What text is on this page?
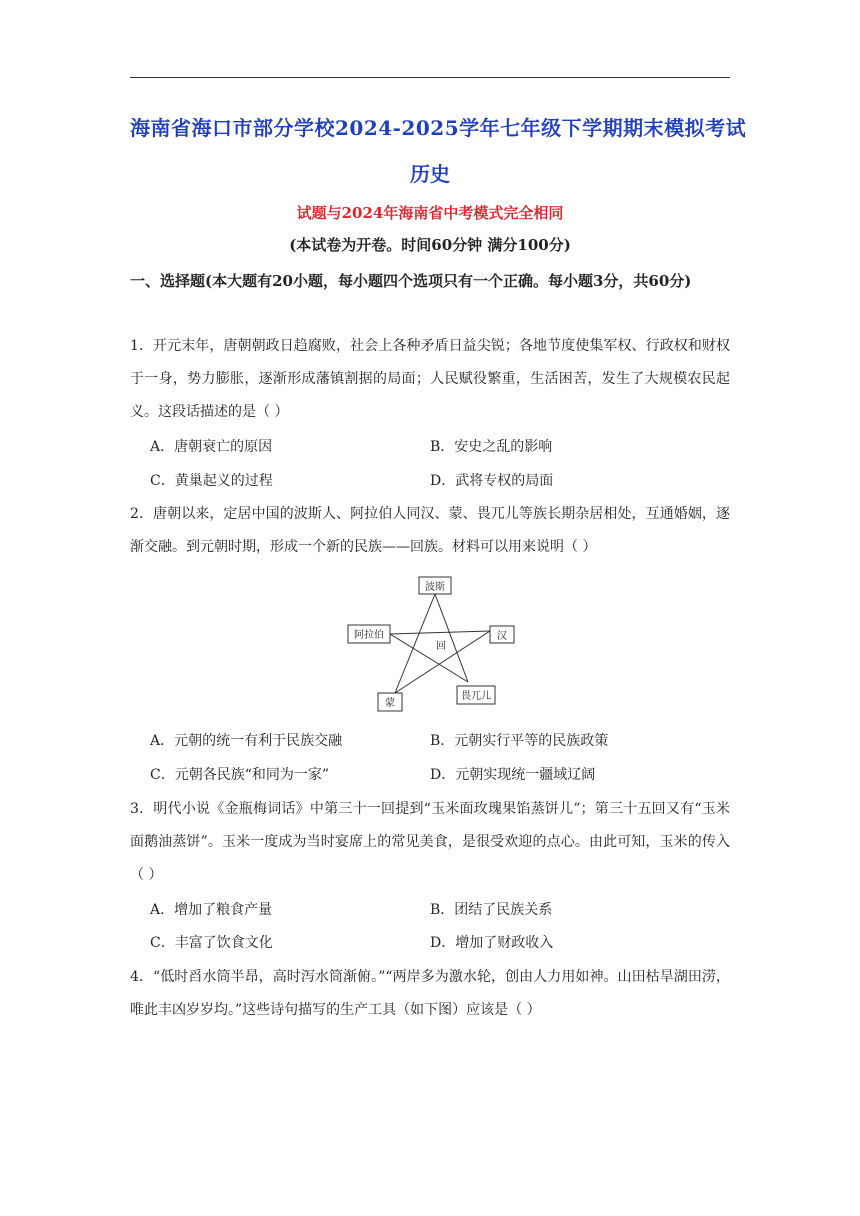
海南省海口市部分学校2024-2025学年七年级下学期期末模拟考试
历史
试题与2024年海南省中考模式完全相同
(本试卷为开卷。时间60分钟 满分100分)
一、选择题(本大题有20小题，每小题四个选项只有一个正确。每小题3分，共60分)
1．开元末年，唐朝朝政日趋腐败，社会上各种矛盾日益尖锐；各地节度使集军权、行政权和财权于一身，势力膨胀，逐渐形成藩镇割据的局面；人民赋役繁重，生活困苦，发生了大规模农民起义。这段话描述的是（ ）
A．唐朝衰亡的原因	B．安史之乱的影响
C．黄巢起义的过程	D．武将专权的局面
2．唐朝以来，定居中国的波斯人、阿拉伯人同汉、蒙、畏兀儿等族长期杂居相处，互通婚姻，逐渐交融。到元朝时期，形成一个新的民族——回族。材料可以用来说明（ ）
波斯
阿拉伯	汉
蒙
畏兀儿
回
A．元朝的统一有利于民族交融	B．元朝实行平等的民族政策
C．元朝各民族“和同为一家”	D．元朝实现统一疆域辽阔
3．明代小说《金瓶梅词话》中第三十一回提到“玉米面玫瑰果馅蒸饼儿”；第三十五回又有“玉米面鹅油蒸饼”。玉米一度成为当时宴席上的常见美食，是很受欢迎的点心。由此可知，玉米的传入（ ）
A．增加了粮食产量	B．团结了民族关系
C．丰富了饮食文化	D．增加了财政收入
4．“低时舀水筒半昂，高时泻水筒渐俯。”“两岸多为激水轮，创由人力用如神。山田枯旱湖田涝，唯此丰凶岁岁均。”这些诗句描写的生产工具（如下图）应该是（ ）
